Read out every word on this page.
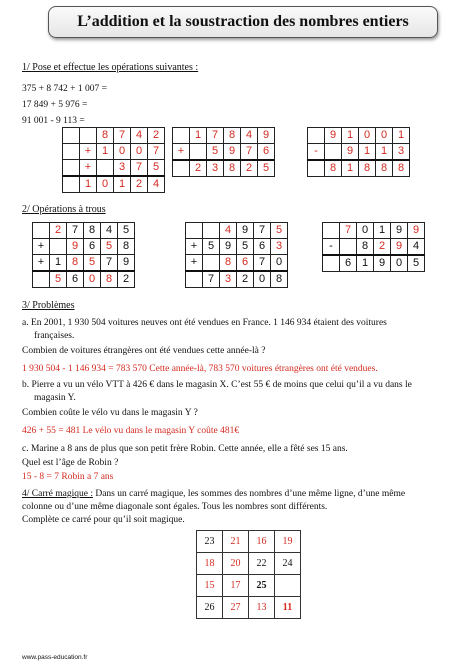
L’addition et la soustraction des nombres entiers
1/ Pose et effectue les opérations suivantes :
375 + 8 742 + 1 007 =
17 849 + 5 976 =
91 001 - 9 113 =
		8	7	4	2
	+	1	0	0	7
	+		3	7	5
	1	0	1	2	4
	1	7	8	4	9
+		5	9	7	6
	2	3	8	2	5
	9	1	0	0	1
-		9	1	1	3
	8	1	8	8	8
2/ Opérations à trous
	2	7	8	4	5
+		9	6	5	8
+	1	8	5	7	9
	5	6	0	8	2
		4	9	7	5
+	5	9	5	6	3
+		8	6	7	0
	7	3	2	0	8
	7	0	1	9	9
-		8	2	9	4
	6	1	9	0	5
3/ Problèmes
a. En 2001, 1 930 504 voitures neuves ont été vendues en France. 1 146 934 étaient des voitures
françaises.
Combien de voitures étrangères ont été vendues cette année-là ?
1 930 504 - 1 146 934 = 783 570 Cette année-là, 783 570 voitures étrangères ont été vendues.
b. Pierre a vu un vélo VTT à 426 € dans le magasin X. C’est 55 € de moins que celui qu’il a vu dans le
magasin Y.
Combien coûte le vélo vu dans le magasin Y ?
426 + 55 = 481 Le vélo vu dans le magasin Y coûte 481€
c. Marine a 8 ans de plus que son petit frère Robin. Cette année, elle a fêté ses 15 ans.
Quel est l’âge de Robin ?
15 - 8 = 7 Robin a 7 ans
4/ Carré magique : Dans un carré magique, les sommes des nombres d’une même ligne, d’une même
colonne ou d’une même diagonale sont égales. Tous les nombres sont différents.
Complète ce carré pour qu’il soit magique.
23	21	16	19
18	20	22	24
15	17	25	
26	27	13	11
www.pass-education.fr
